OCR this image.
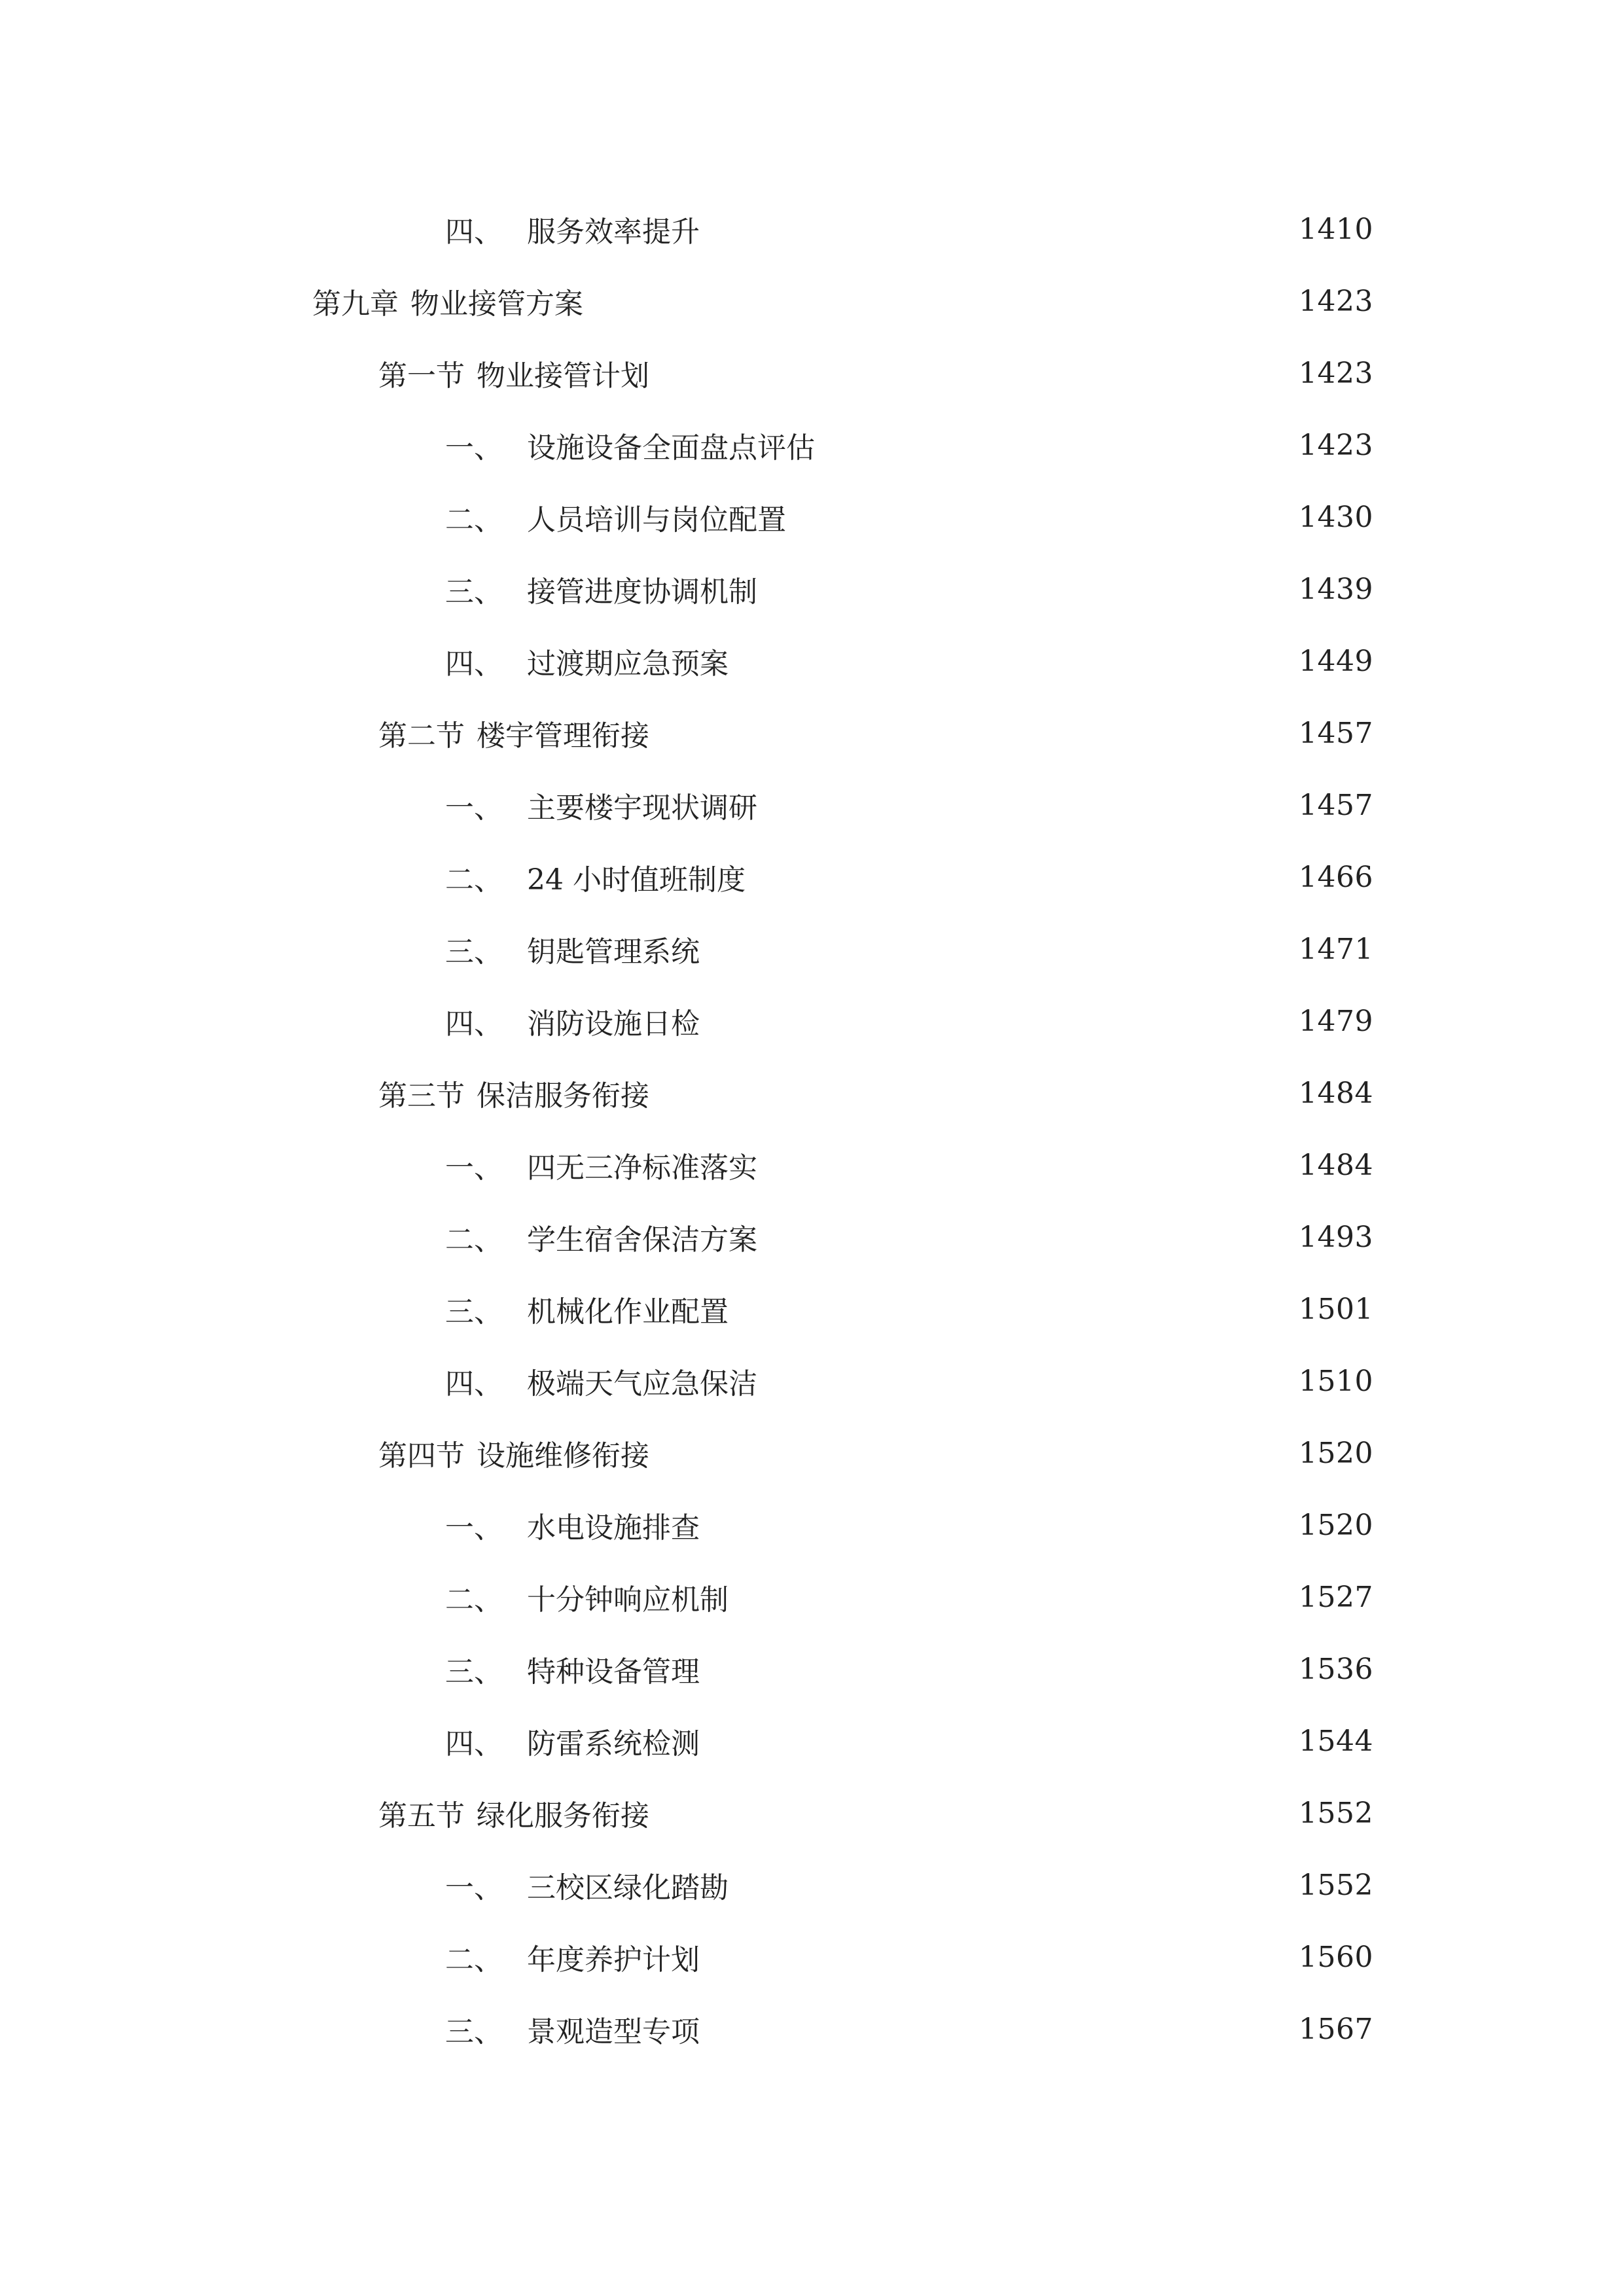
四、 服务效率提升	1410
第九章 物业接管方案	1423
第一节 物业接管计划	1423
一、 设施设备全面盘点评估	1423
二、 人员培训与岗位配置	1430
三、 接管进度协调机制	1439
四、 过渡期应急预案	1449
第二节 楼宇管理衔接	1457
一、 主要楼宇现状调研	1457
二、 24 小时值班制度	1466
三、 钥匙管理系统	1471
四、 消防设施日检	1479
第三节 保洁服务衔接	1484
一、 四无三净标准落实	1484
二、 学生宿舍保洁方案	1493
三、 机械化作业配置	1501
四、 极端天气应急保洁	1510
第四节 设施维修衔接	1520
一、 水电设施排查	1520
二、 十分钟响应机制	1527
三、 特种设备管理	1536
四、 防雷系统检测	1544
第五节 绿化服务衔接	1552
一、 三校区绿化踏勘	1552
二、 年度养护计划	1560
三、 景观造型专项	1567
